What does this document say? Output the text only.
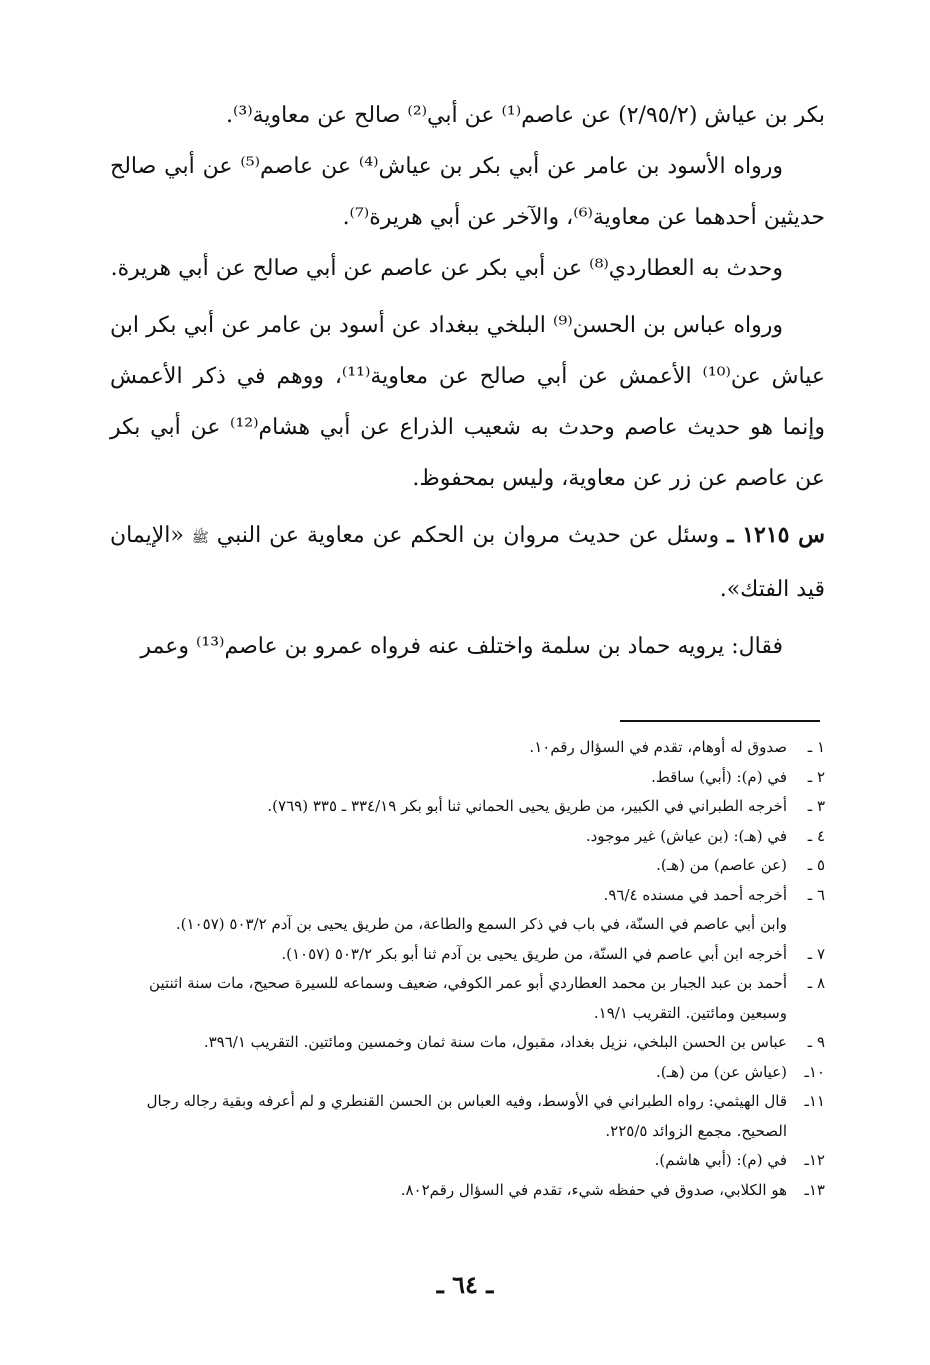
بكر بن عياش (٢/٩٥/٢) عن عاصم⁽¹⁾ عن أبي⁽²⁾ صالح عن معاوية⁽³⁾.

ورواه الأسود بن عامر عن أبي بكر بن عياش⁽⁴⁾ عن عاصم⁽⁵⁾ عن أبي صالح حديثين أحدهما عن معاوية⁽⁶⁾، والآخر عن أبي هريرة⁽⁷⁾.

وحدث به العطاردي⁽⁸⁾ عن أبي بكر عن عاصم عن أبي صالح عن أبي هريرة.

ورواه عباس بن الحسن⁽⁹⁾ البلخي ببغداد عن أسود بن عامر عن أبي بكر ابن عياش عن⁽¹⁰⁾ الأعمش عن أبي صالح عن معاوية⁽¹¹⁾، ووهم في ذكر الأعمش وإنما هو حديث عاصم وحدث به شعيب الذراع عن أبي هشام⁽¹²⁾ عن أبي بكر عن عاصم عن زر عن معاوية، وليس بمحفوظ.

س ١٢١٥ ـ وسئل عن حديث مروان بن الحكم عن معاوية عن النبي ﷺ «الإيمان قيد الفتك».

فقال: يرويه حماد بن سلمة واختلف عنه فرواه عمرو بن عاصم⁽¹³⁾ وعمر

١ ـ
صدوق له أوهام، تقدم في السؤال رقم١٠.
٢ ـ
في (م): (أبي) ساقط.
٣ ـ
أخرجه الطبراني في الكبير، من طريق يحيى الحماني ثنا أبو بكر ٣٣٤/١٩ ـ ٣٣٥ (٧٦٩).
٤ ـ
في (هـ): (بن عياش) غير موجود.
٥ ـ
(عن عاصم) من (هـ).
٦ ـ
أخرجه أحمد في مسنده ٩٦/٤.
وابن أبي عاصم في السنّة، في باب في ذكر السمع والطاعة، من طريق يحيى بن آدم ٥٠٣/٢ (١٠٥٧).
٧ ـ
أخرجه ابن أبي عاصم في السنّة، من طريق يحيى بن آدم ثنا أبو بكر ٥٠٣/٢ (١٠٥٧).
٨ ـ
أحمد بن عبد الجبار بن محمد العطاردي أبو عمر الكوفي، ضعيف وسماعه للسيرة صحيح، مات سنة اثنتين وسبعين ومائتين. التقريب ١٩/١.
٩ ـ
عباس بن الحسن البلخي، نزيل بغداد، مقبول، مات سنة ثمان وخمسين ومائتين. التقريب ٣٩٦/١.
١٠ـ
(عياش عن) من (هـ).
١١ـ
قال الهيثمي: رواه الطبراني في الأوسط، وفيه العباس بن الحسن القنطري و لم أعرفه وبقية رجاله رجال الصحيح. مجمع الزوائد ٢٢٥/٥.
١٢ـ
في (م): (أبي هاشم).
١٣ـ
هو الكلابي، صدوق في حفظه شيء، تقدم في السؤال رقم٨٠٢.
ـ ٦٤ ـ
